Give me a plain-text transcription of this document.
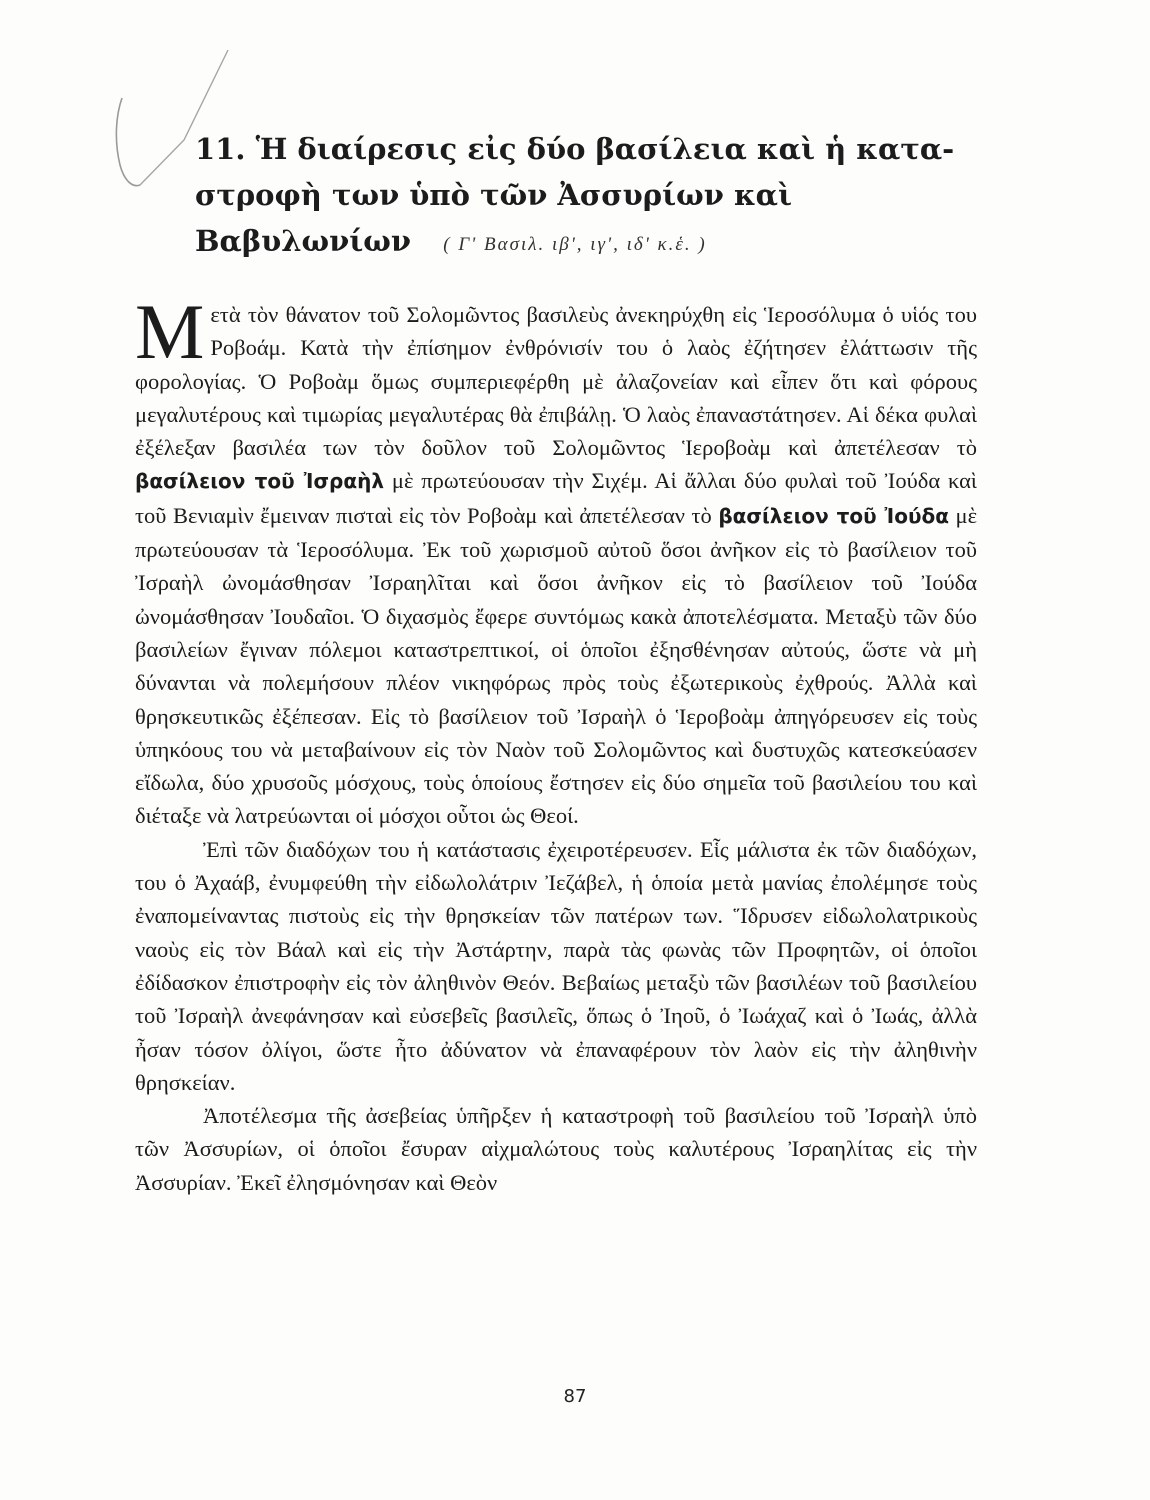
11. Ἡ διαίρεσις εἰς δύο βασίλεια καὶ ἡ κατα-
στροφὴ των ὑπὸ τῶν Ἀσσυρίων καὶ Βαβυλωνίων	( Γ' Βασιλ. ιβ', ιγ', ιδ' κ.ἑ. )

Μ ετὰ τὸν θάνατον τοῦ Σολομῶντος βασιλεὺς ἀνεκηρύχθη εἰς Ἱεροσόλυμα ὁ υἱός του Ροβοάμ. Κατὰ τὴν ἐπίσημον ἐνθρόνισίν του ὁ λαὸς ἐζήτησεν ἐλάττωσιν τῆς φορολογίας. Ὁ Ροβοὰμ ὅμως συμπεριεφέρθη μὲ ἀλαζονείαν καὶ εἶπεν ὅτι καὶ φόρους μεγαλυτέρους καὶ τιμωρίας μεγαλυτέρας θὰ ἐπιβάλῃ. Ὁ λαὸς ἐπαναστάτησεν. Αἱ δέκα φυλαὶ ἐξέλεξαν βασιλέα των τὸν δοῦλον τοῦ Σολομῶντος Ἱεροβοὰμ καὶ ἀπετέλεσαν τὸ βασίλειον τοῦ Ἰσραὴλ μὲ πρωτεύουσαν τὴν Σιχέμ. Αἱ ἄλλαι δύο φυλαὶ τοῦ Ἰούδα καὶ τοῦ Βενιαμὶν ἔμειναν πισταὶ εἰς τὸν Ροβοὰμ καὶ ἀπετέλεσαν τὸ βασίλειον τοῦ Ἰούδα μὲ πρωτεύουσαν τὰ Ἱεροσόλυμα. Ἐκ τοῦ χωρισμοῦ αὐτοῦ ὅσοι ἀνῆκον εἰς τὸ βασίλειον τοῦ Ἰσραὴλ ὠνομάσθησαν Ἰσραηλῖται καὶ ὅσοι ἀνῆκον εἰς τὸ βασίλειον τοῦ Ἰούδα ὠνομάσθησαν Ἰουδαῖοι. Ὁ διχασμὸς ἔφερε συντόμως κακὰ ἀποτελέσματα. Μεταξὺ τῶν δύο βασιλείων ἔγιναν πόλεμοι καταστρεπτικοί, οἱ ὁποῖοι ἐξησθένησαν αὐτούς, ὥστε νὰ μὴ δύνανται νὰ πολεμήσουν πλέον νικηφόρως πρὸς τοὺς ἐξωτερικοὺς ἐχθρούς. Ἀλλὰ καὶ θρησκευτικῶς ἐξέπεσαν. Εἰς τὸ βασίλειον τοῦ Ἰσραὴλ ὁ Ἱεροβοὰμ ἀπηγόρευσεν εἰς τοὺς ὑπηκόους του νὰ μεταβαίνουν εἰς τὸν Ναὸν τοῦ Σολομῶντος καὶ δυστυχῶς κατεσκεύασεν εἴδωλα, δύο χρυσοῦς μόσχους, τοὺς ὁποίους ἔστησεν εἰς δύο σημεῖα τοῦ βασιλείου του καὶ διέταξε νὰ λατρεύωνται οἱ μόσχοι οὗτοι ὡς Θεοί.

Ἐπὶ τῶν διαδόχων του ἡ κατάστασις ἐχειροτέρευσεν. Εἷς μάλιστα ἐκ τῶν διαδόχων, του ὁ Ἀχαάβ, ἐνυμφεύθη τὴν εἰδωλολάτριν Ἰεζάβελ, ἡ ὁποία μετὰ μανίας ἐπολέμησε τοὺς ἐναπομείναντας πιστοὺς εἰς τὴν θρησκείαν τῶν πατέρων των. Ἵδρυσεν εἰδωλολατρικοὺς ναοὺς εἰς τὸν Βάαλ καὶ εἰς τὴν Ἀστάρτην, παρὰ τὰς φωνὰς τῶν Προφητῶν, οἱ ὁποῖοι ἐδίδασκον ἐπιστροφὴν εἰς τὸν ἀληθινὸν Θεόν. Βεβαίως μεταξὺ τῶν βασιλέων τοῦ βασιλείου τοῦ Ἰσραὴλ ἀνεφάνησαν καὶ εὐσεβεῖς βασιλεῖς, ὅπως ὁ Ἰηοῦ, ὁ Ἰωάχαζ καὶ ὁ Ἰωάς, ἀλλὰ ἦσαν τόσον ὀλίγοι, ὥστε ἦτο ἀδύνατον νὰ ἐπαναφέρουν τὸν λαὸν εἰς τὴν ἀληθινὴν θρησκείαν.

Ἀποτέλεσμα τῆς ἀσεβείας ὑπῆρξεν ἡ καταστροφὴ τοῦ βασιλείου τοῦ Ἰσραὴλ ὑπὸ τῶν Ἀσσυρίων, οἱ ὁποῖοι ἔσυραν αἰχμαλώτους τοὺς καλυτέρους Ἰσραηλίτας εἰς τὴν Ἀσσυρίαν. Ἐκεῖ ἐλησμόνησαν καὶ Θεὸν

87
